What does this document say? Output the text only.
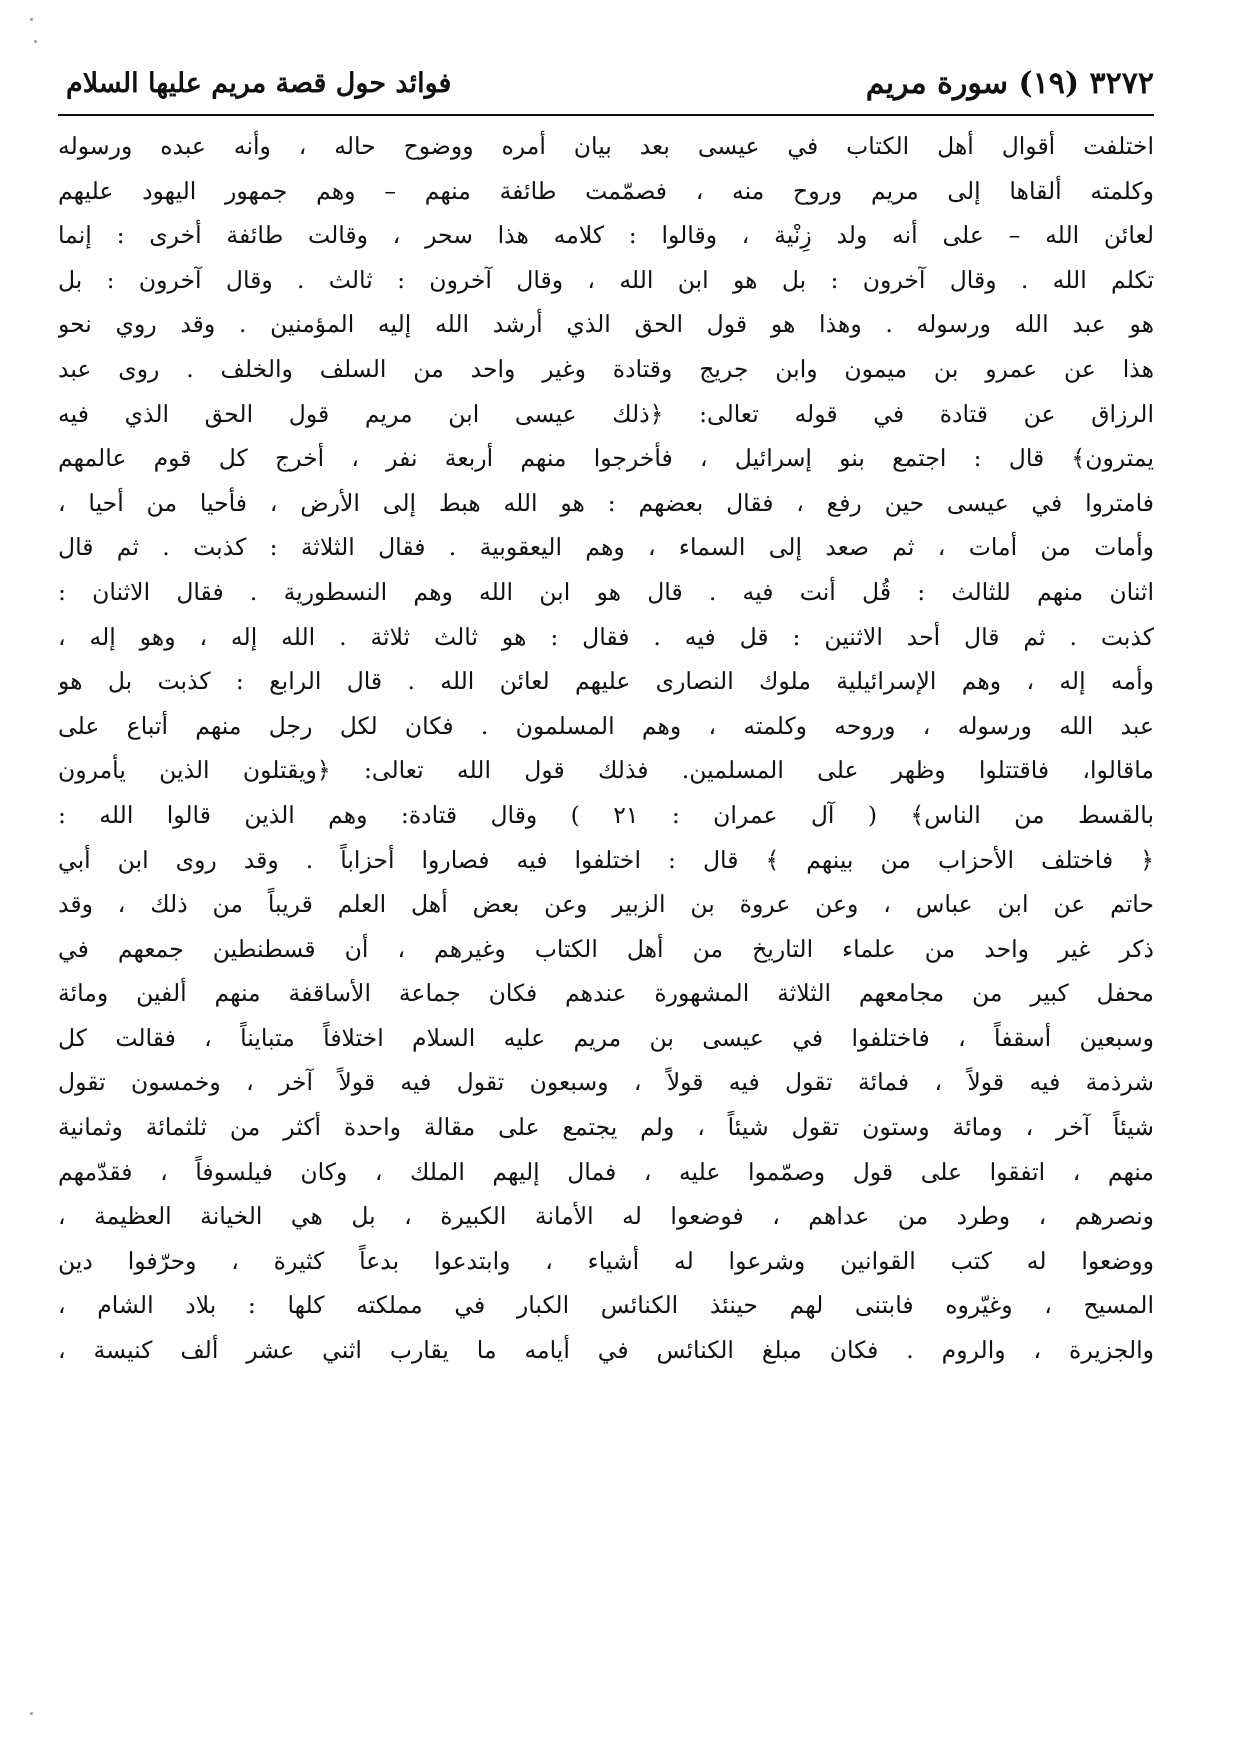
٣٢٧٢ (١٩) سورة مريم
فوائد حول قصة مريم عليها السلام
اختلفت أقوال أهل الكتاب في عيسى بعد بيان أمره ووضوح حاله ، وأنه عبده ورسوله
وكلمته ألقاها إلى مريم وروح منه ، فصمّمت طائفة منهم – وهم جمهور اليهود عليهم
لعائن الله – على أنه ولد زِنْية ، وقالوا : كلامه هذا سحر ، وقالت طائفة أخرى : إنما
تكلم الله . وقال آخرون : بل هو ابن الله ، وقال آخرون : ثالث . وقال آخرون : بل
هو عبد الله ورسوله . وهذا هو قول الحق الذي أرشد الله إليه المؤمنين . وقد روي نحو
هذا عن عمرو بن ميمون وابن جريج وقتادة وغير واحد من السلف والخلف . روى عبد
الرزاق عن قتادة في قوله تعالى: ﴿ذلك عيسى ابن مريم قول الحق الذي فيه
يمترون﴾ قال : اجتمع بنو إسرائيل ، فأخرجوا منهم أربعة نفر ، أخرج كل قوم عالمهم
فامتروا في عيسى حين رفع ، فقال بعضهم : هو الله هبط إلى الأرض ، فأحيا من أحيا ،
وأمات من أمات ، ثم صعد إلى السماء ، وهم اليعقوبية . فقال الثلاثة : كذبت . ثم قال
اثنان منهم للثالث : قُل أنت فيه . قال هو ابن الله وهم النسطورية . فقال الاثنان :
كذبت . ثم قال أحد الاثنين : قل فيه . فقال : هو ثالث ثلاثة . الله إله ، وهو إله ،
وأمه إله ، وهم الإسرائيلية ملوك النصارى عليهم لعائن الله . قال الرابع : كذبت بل هو
عبد الله ورسوله ، وروحه وكلمته ، وهم المسلمون . فكان لكل رجل منهم أتباع على
ماقالوا، فاقتتلوا وظهر على المسلمين. فذلك قول الله تعالى: ﴿ويقتلون الذين يأمرون
بالقسط من الناس﴾ ( آل عمران : ٢١ ) وقال قتادة: وهم الذين قالوا الله :
﴿ فاختلف الأحزاب من بينهم ﴾ قال : اختلفوا فيه فصاروا أحزاباً . وقد روى ابن أبي
حاتم عن ابن عباس ، وعن عروة بن الزبير وعن بعض أهل العلم قريباً من ذلك ، وقد
ذكر غير واحد من علماء التاريخ من أهل الكتاب وغيرهم ، أن قسطنطين جمعهم في
محفل كبير من مجامعهم الثلاثة المشهورة عندهم فكان جماعة الأساقفة منهم ألفين ومائة
وسبعين أسقفاً ، فاختلفوا في عيسى بن مريم عليه السلام اختلافاً متبايناً ، فقالت كل
شرذمة فيه قولاً ، فمائة تقول فيه قولاً ، وسبعون تقول فيه قولاً آخر ، وخمسون تقول
شيئاً آخر ، ومائة وستون تقول شيئاً ، ولم يجتمع على مقالة واحدة أكثر من ثلثمائة وثمانية
منهم ، اتفقوا على قول وصمّموا عليه ، فمال إليهم الملك ، وكان فيلسوفاً ، فقدّمهم
ونصرهم ، وطرد من عداهم ، فوضعوا له الأمانة الكبيرة ، بل هي الخيانة العظيمة ،
ووضعوا له كتب القوانين وشرعوا له أشياء ، وابتدعوا بدعاً كثيرة ، وحرّفوا دين
المسيح ، وغيّروه فابتنى لهم حينئذ الكنائس الكبار في مملكته كلها : بلاد الشام ،
والجزيرة ، والروم . فكان مبلغ الكنائس في أيامه ما يقارب اثني عشر ألف كنيسة ،
